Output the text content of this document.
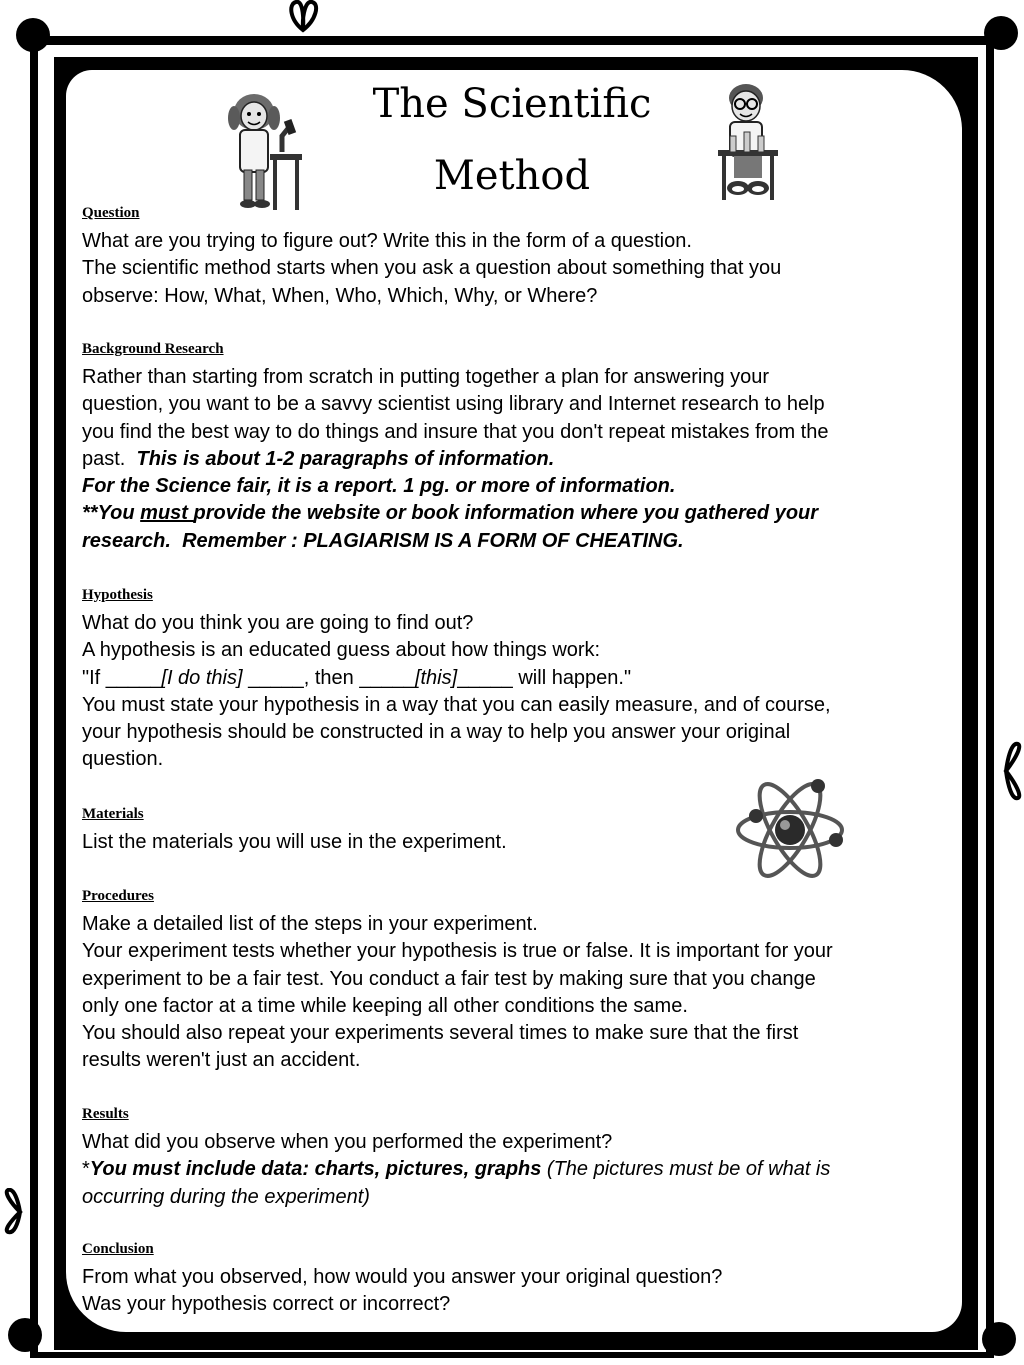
The Scientific
Method

Question

What are you trying to figure out? Write this in the form of a question.
The scientific method starts when you ask a question about something that you
observe: How, What, When, Who, Which, Why, or Where?

Background Research

Rather than starting from scratch in putting together a plan for answering your
question, you want to be a savvy scientist using library and Internet research to help
you find the best way to do things and insure that you don't repeat mistakes from the
past.  This is about 1-2 paragraphs of information.
For the Science fair, it is a report. 1 pg. or more of information.
**You must provide the website or book information where you gathered your
research.  Remember : PLAGIARISM IS A FORM OF CHEATING.

Hypothesis

What do you think you are going to find out?
A hypothesis is an educated guess about how things work:
"If _____[I do this] _____, then _____[this]_____ will happen."
You must state your hypothesis in a way that you can easily measure, and of course,
your hypothesis should be constructed in a way to help you answer your original
question.

Materials

List the materials you will use in the experiment.

Procedures

Make a detailed list of the steps in your experiment.
Your experiment tests whether your hypothesis is true or false. It is important for your
experiment to be a fair test. You conduct a fair test by making sure that you change
only one factor at a time while keeping all other conditions the same.
You should also repeat your experiments several times to make sure that the first
results weren't just an accident.

Results

What did you observe when you performed the experiment?
*You must include data: charts, pictures, graphs (The pictures must be of what is
occurring during the experiment)

Conclusion

From what you observed, how would you answer your original question?
Was your hypothesis correct or incorrect?
